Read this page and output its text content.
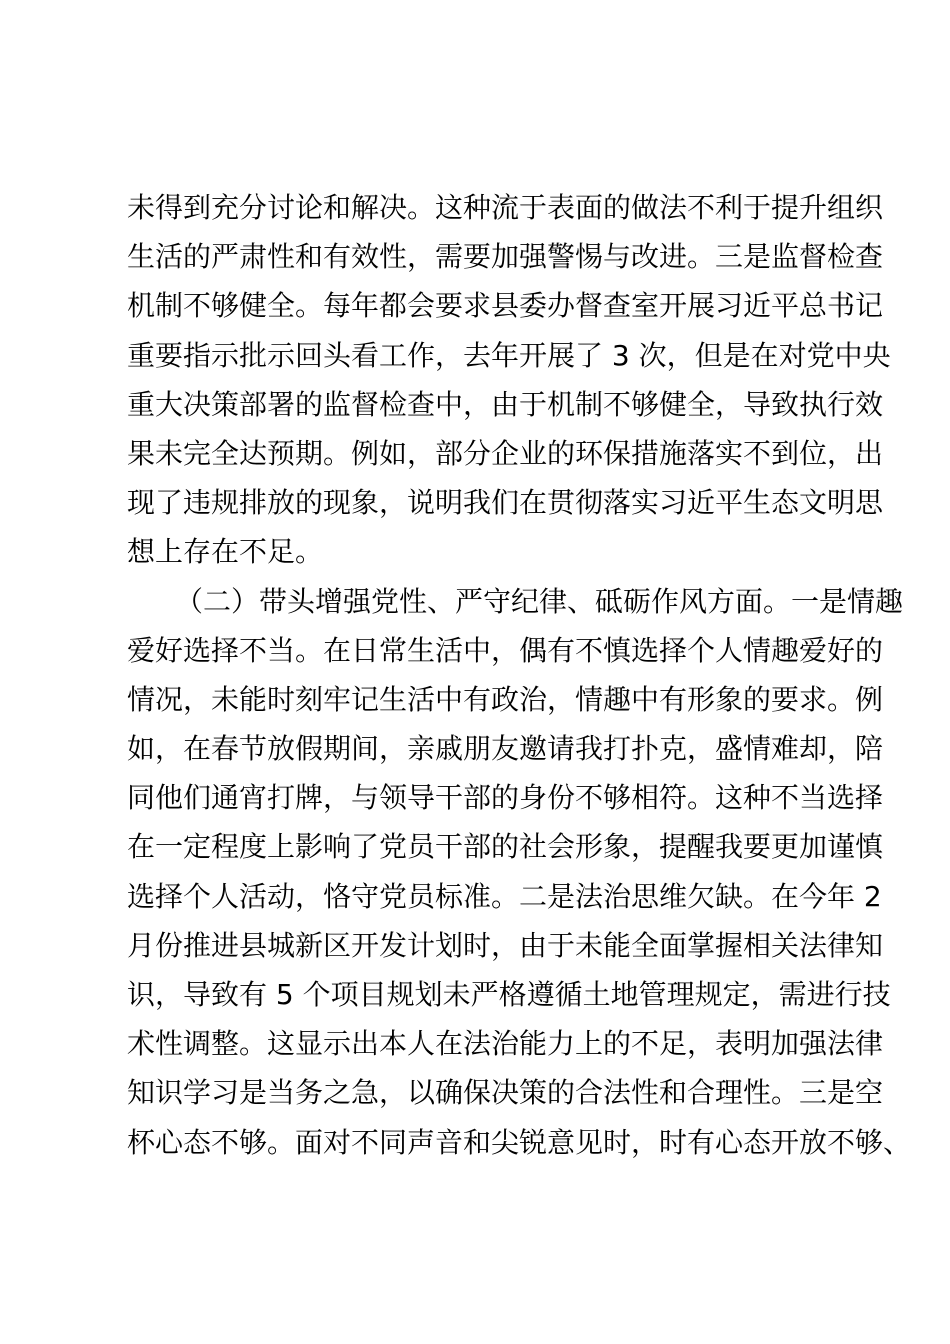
未得到充分讨论和解决。这种流于表面的做法不利于提升组织
生活的严肃性和有效性，需要加强警惕与改进。三是监督检查
机制不够健全。每年都会要求县委办督查室开展习近平总书记
重要指示批示回头看工作，去年开展了 3 次，但是在对党中央
重大决策部署的监督检查中，由于机制不够健全，导致执行效
果未完全达预期。例如，部分企业的环保措施落实不到位，出
现了违规排放的现象，说明我们在贯彻落实习近平生态文明思
想上存在不足。
（二）带头增强党性、严守纪律、砥砺作风方面。一是情趣
爱好选择不当。在日常生活中，偶有不慎选择个人情趣爱好的
情况，未能时刻牢记生活中有政治，情趣中有形象的要求。例
如，在春节放假期间，亲戚朋友邀请我打扑克，盛情难却，陪
同他们通宵打牌，与领导干部的身份不够相符。这种不当选择
在一定程度上影响了党员干部的社会形象，提醒我要更加谨慎
选择个人活动，恪守党员标准。二是法治思维欠缺。在今年 2
月份推进县城新区开发计划时，由于未能全面掌握相关法律知
识，导致有 5 个项目规划未严格遵循土地管理规定，需进行技
术性调整。这显示出本人在法治能力上的不足，表明加强法律
知识学习是当务之急，以确保决策的合法性和合理性。三是空
杯心态不够。面对不同声音和尖锐意见时，时有心态开放不够、
